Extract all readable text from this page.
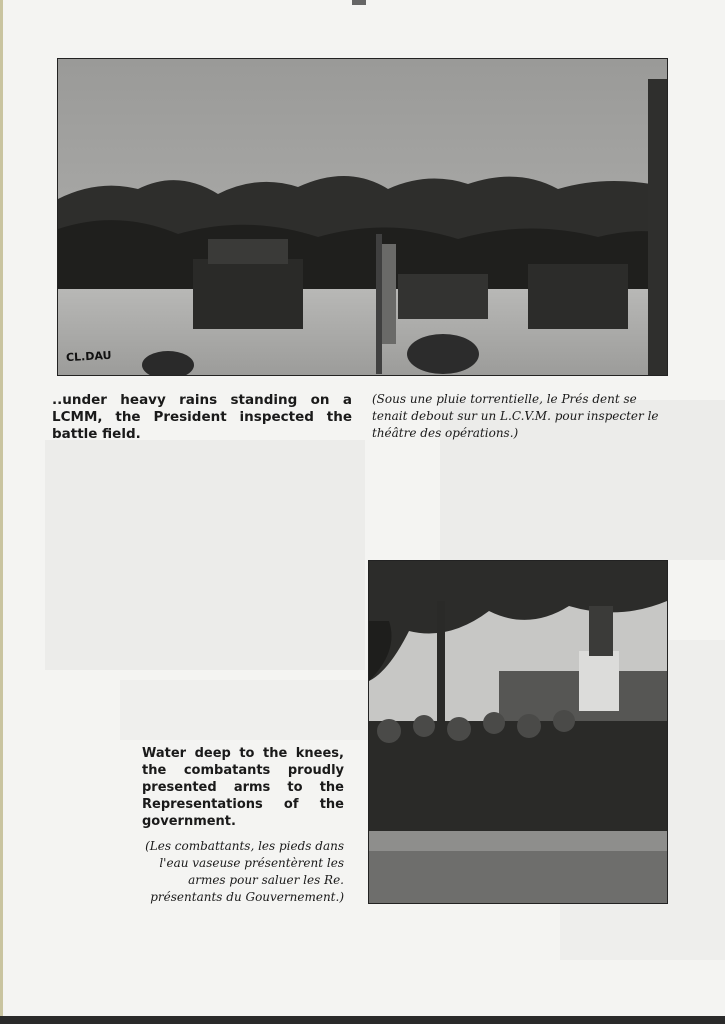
CL.DAU

..under heavy rains standing on a LCMM, the President inspected the battle field.

(Sous une pluie torrentielle, le Prés dent se tenait debout sur un L.C.V.M. pour inspecter le théâtre des opérations.)

Water deep to the knees, the combatants proudly presented arms to the Representations of the government.

(Les combattants, les pieds dans l'eau vaseuse présentèrent les armes pour saluer les Re. présentants du Gouvernement.)
